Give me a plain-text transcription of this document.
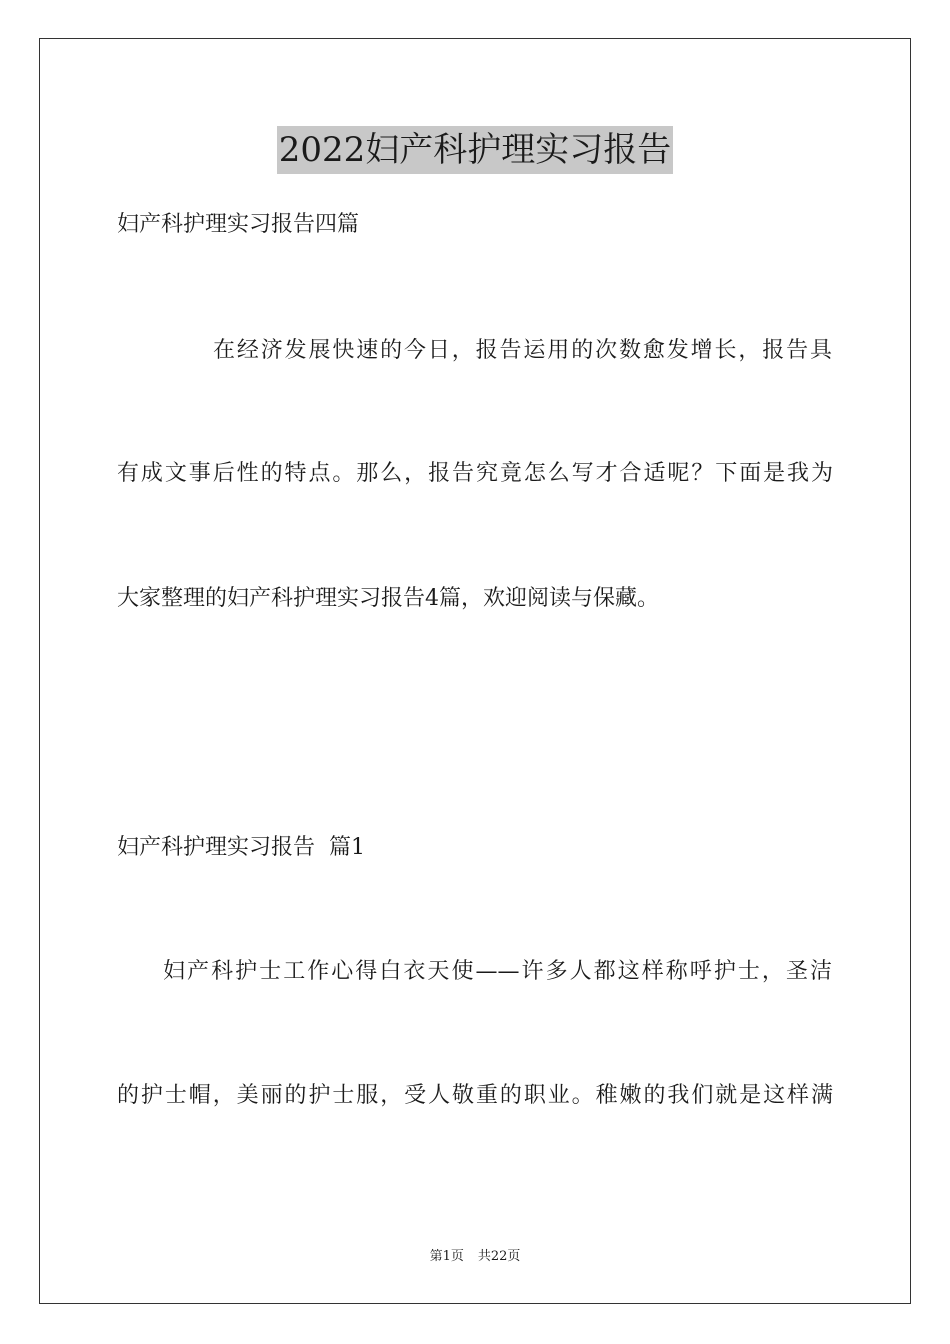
2022妇产科护理实习报告
妇产科护理实习报告四篇
在经济发展快速的今日，报告运用的次数愈发增长，报告具
有成文事后性的特点。那么，报告究竟怎么写才合适呢？下面是我为
大家整理的妇产科护理实习报告4篇，欢迎阅读与保藏。
妇产科护理实习报告  篇1
妇产科护士工作心得白衣天使——许多人都这样称呼护士，圣洁
的护士帽，美丽的护士服，受人敬重的职业。稚嫩的我们就是这样满
第1页 共22页
